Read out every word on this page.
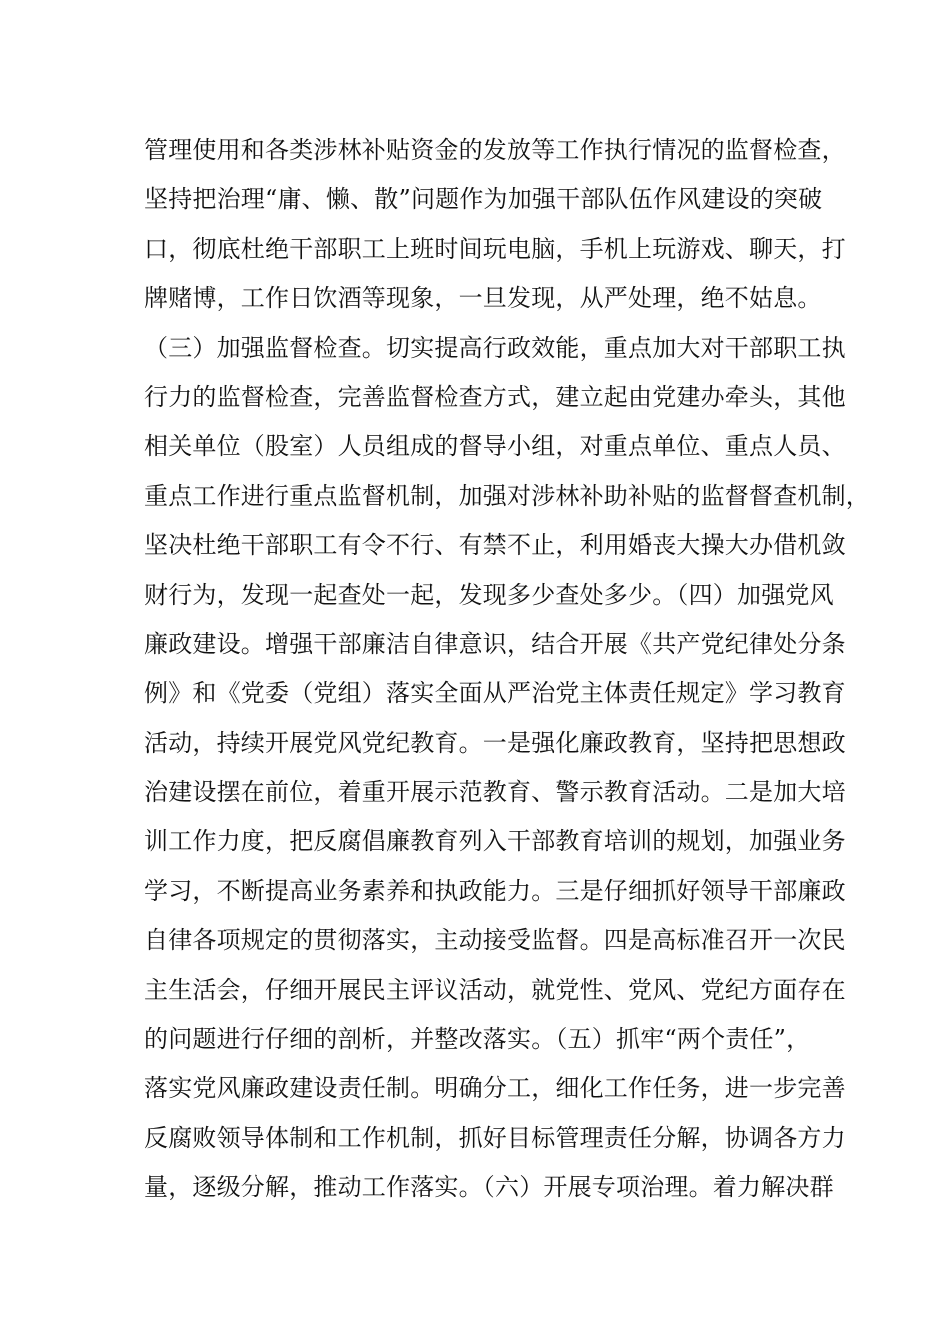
管理使用和各类涉林补贴资金的发放等工作执行情况的监督检查，
坚持把治理“庸、懒、散”问题作为加强干部队伍作风建设的突破
口，彻底杜绝干部职工上班时间玩电脑，手机上玩游戏、聊天，打
牌赌博，工作日饮酒等现象，一旦发现，从严处理，绝不姑息。
（三）加强监督检查。切实提高行政效能，重点加大对干部职工执
行力的监督检查，完善监督检查方式，建立起由党建办牵头，其他
相关单位（股室）人员组成的督导小组，对重点单位、重点人员、
重点工作进行重点监督机制，加强对涉林补助补贴的监督督查机制，
坚决杜绝干部职工有令不行、有禁不止，利用婚丧大操大办借机敛
财行为，发现一起查处一起，发现多少查处多少。（四）加强党风
廉政建设。增强干部廉洁自律意识，结合开展《共产党纪律处分条
例》和《党委（党组）落实全面从严治党主体责任规定》学习教育
活动，持续开展党风党纪教育。一是强化廉政教育，坚持把思想政
治建设摆在前位，着重开展示范教育、警示教育活动。二是加大培
训工作力度，把反腐倡廉教育列入干部教育培训的规划，加强业务
学习，不断提高业务素养和执政能力。三是仔细抓好领导干部廉政
自律各项规定的贯彻落实，主动接受监督。四是高标准召开一次民
主生活会，仔细开展民主评议活动，就党性、党风、党纪方面存在
的问题进行仔细的剖析，并整改落实。（五）抓牢“两个责任”，
落实党风廉政建设责任制。明确分工，细化工作任务，进一步完善
反腐败领导体制和工作机制，抓好目标管理责任分解，协调各方力
量，逐级分解，推动工作落实。（六）开展专项治理。着力解决群
